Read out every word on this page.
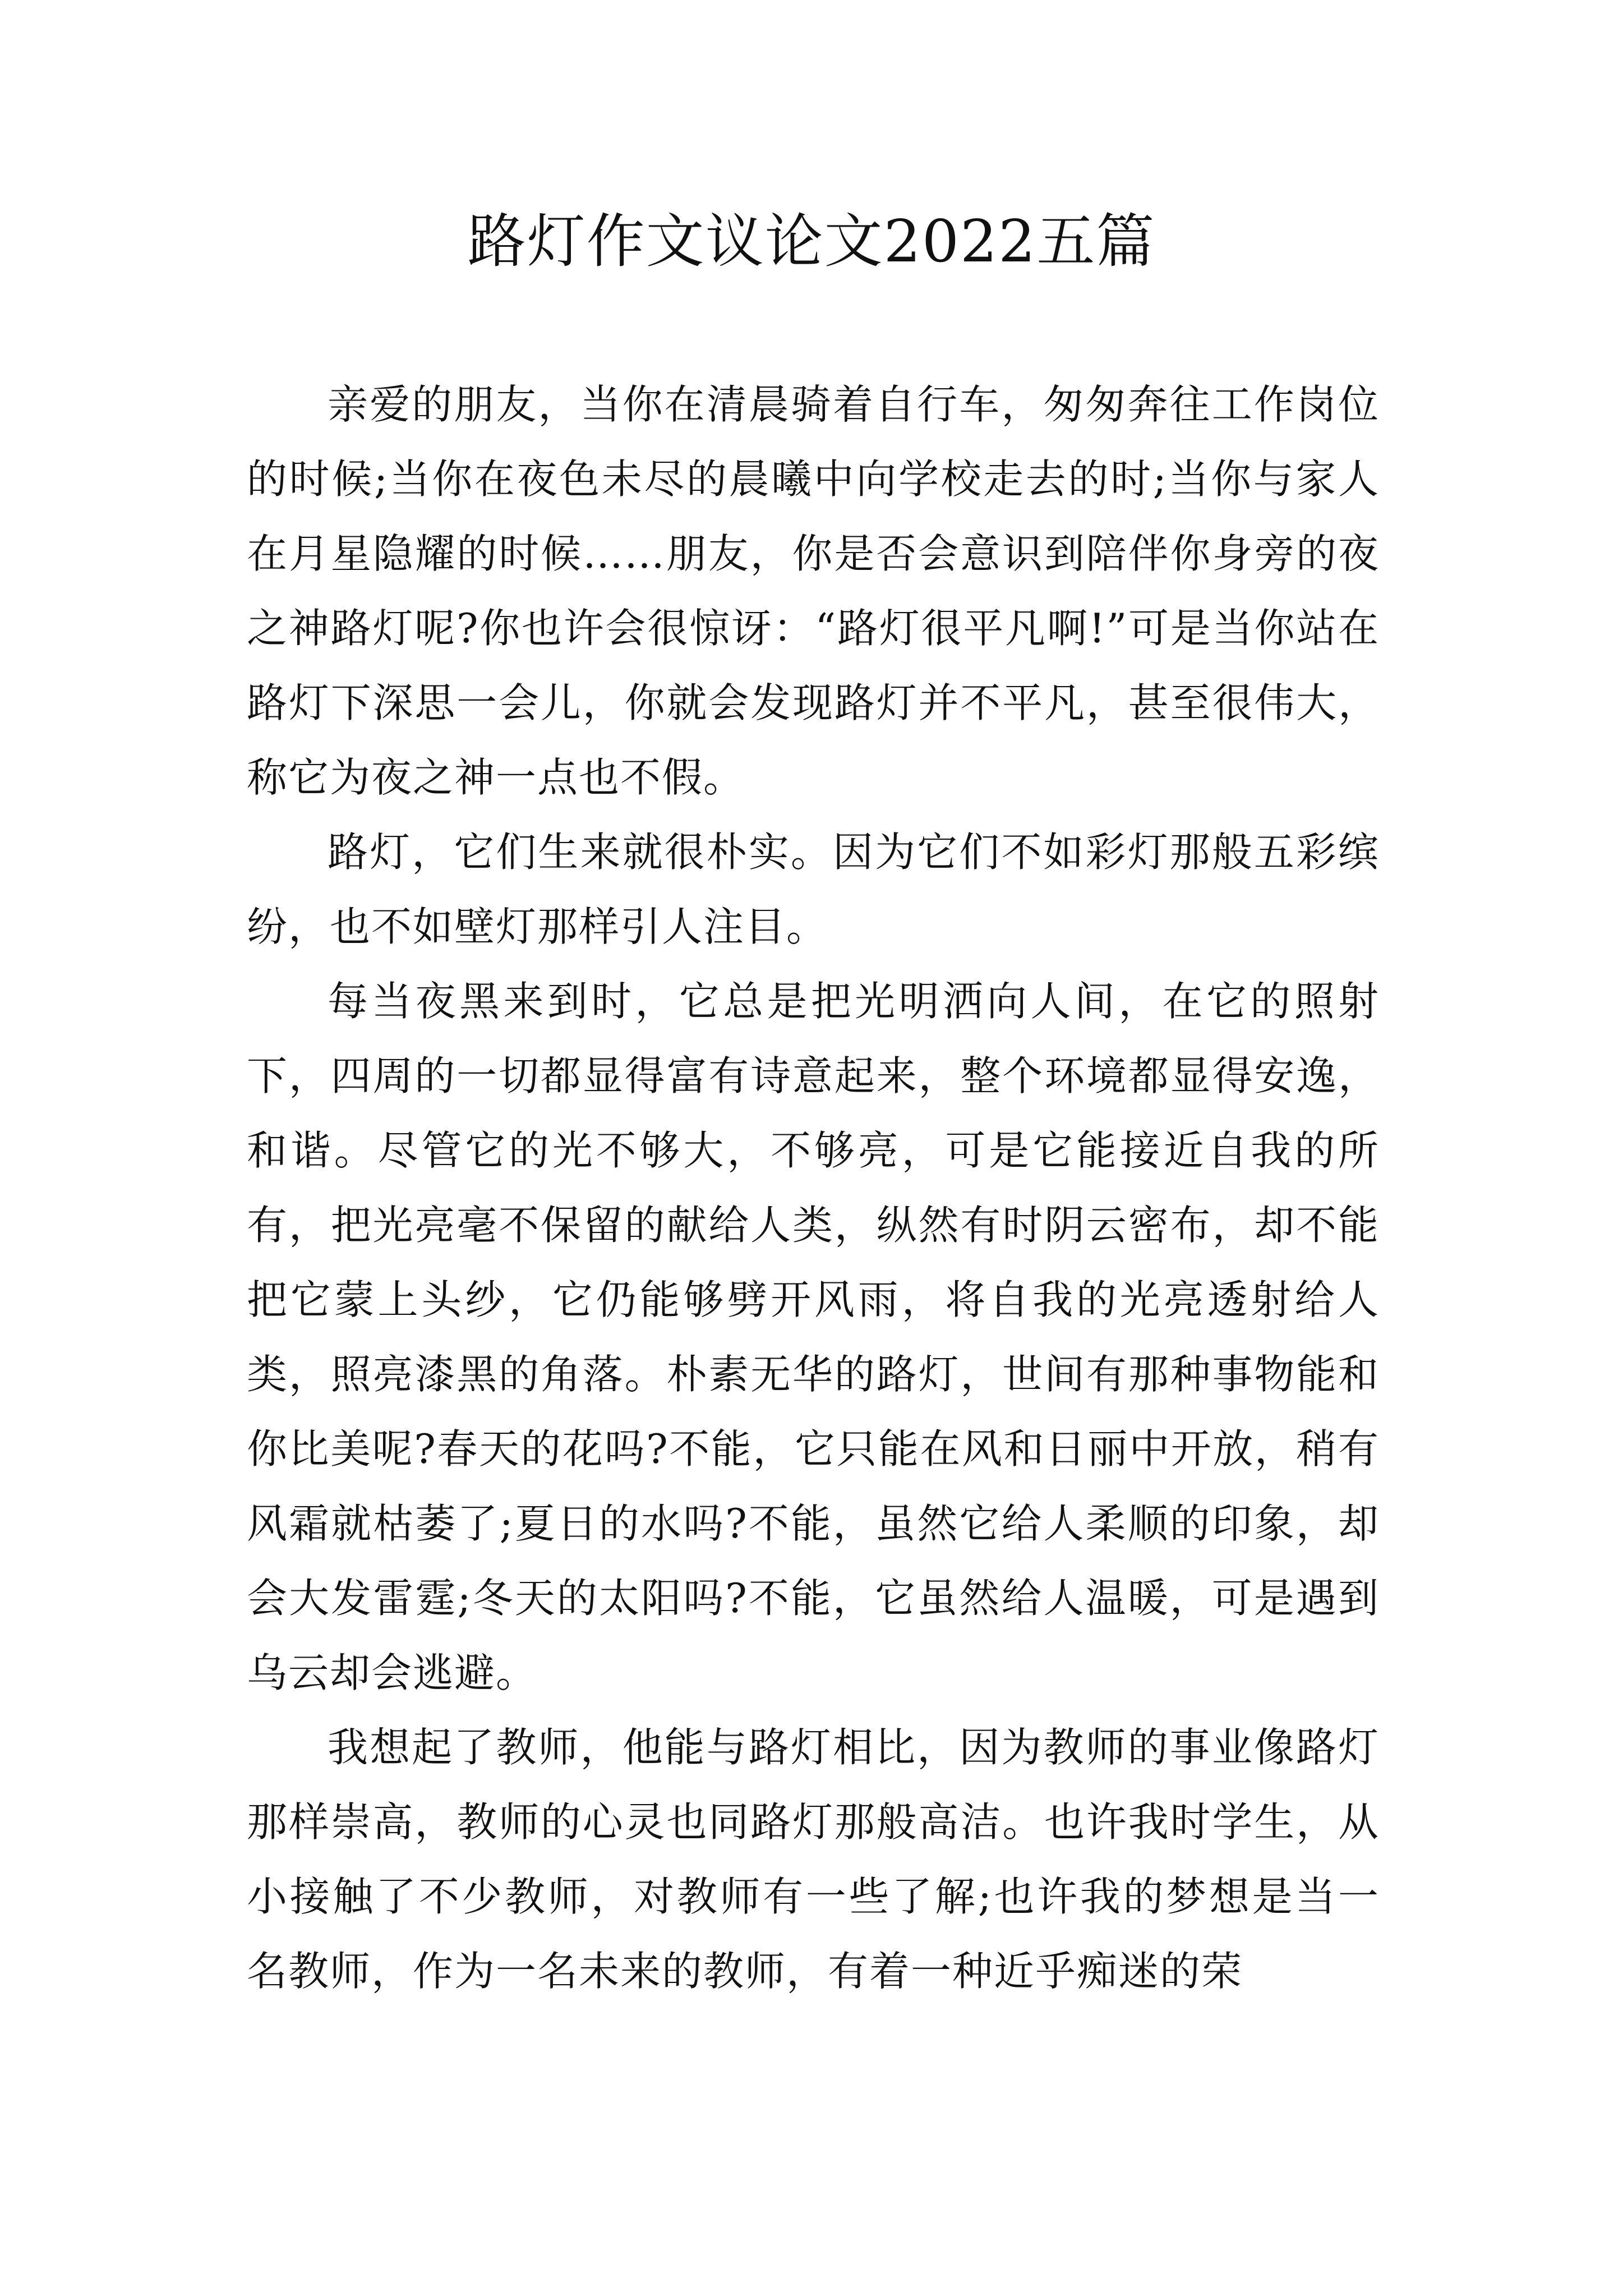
路灯作文议论文2022五篇

亲爱的朋友，当你在清晨骑着自行车，匆匆奔往工作岗位的时候;当你在夜色未尽的晨曦中向学校走去的时;当你与家人在月星隐耀的时候……朋友，你是否会意识到陪伴你身旁的夜之神路灯呢?你也许会很惊讶：“路灯很平凡啊!”可是当你站在路灯下深思一会儿，你就会发现路灯并不平凡，甚至很伟大，称它为夜之神一点也不假。

路灯，它们生来就很朴实。因为它们不如彩灯那般五彩缤纷，也不如壁灯那样引人注目。

每当夜黑来到时，它总是把光明洒向人间，在它的照射下，四周的一切都显得富有诗意起来，整个环境都显得安逸，和谐。尽管它的光不够大，不够亮，可是它能接近自我的所有，把光亮毫不保留的献给人类，纵然有时阴云密布，却不能把它蒙上头纱，它仍能够劈开风雨，将自我的光亮透射给人类，照亮漆黑的角落。朴素无华的路灯，世间有那种事物能和你比美呢?春天的花吗?不能，它只能在风和日丽中开放，稍有风霜就枯萎了;夏日的水吗?不能，虽然它给人柔顺的印象，却会大发雷霆;冬天的太阳吗?不能，它虽然给人温暖，可是遇到乌云却会逃避。

我想起了教师，他能与路灯相比，因为教师的事业像路灯那样崇高，教师的心灵也同路灯那般高洁。也许我时学生，从小接触了不少教师，对教师有一些了解;也许我的梦想是当一名教师，作为一名未来的教师，有着一种近乎痴迷的荣
